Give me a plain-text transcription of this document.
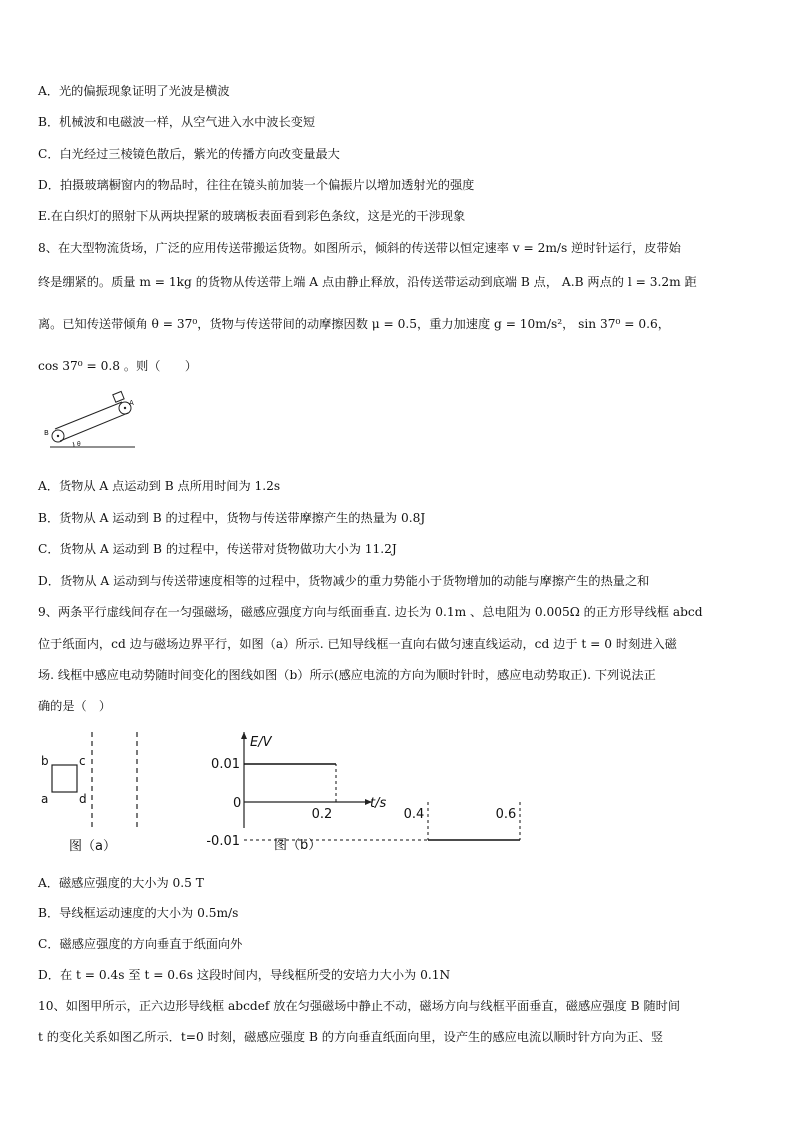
A．光的偏振现象证明了光波是横波
B．机械波和电磁波一样，从空气进入水中波长变短
C．白光经过三棱镜色散后，紫光的传播方向改变量最大
D．拍摄玻璃橱窗内的物品时，往往在镜头前加装一个偏振片以增加透射光的强度
E.在白织灯的照射下从两块捏紧的玻璃板表面看到彩色条纹，这是光的干涉现象
8、在大型物流货场，广泛的应用传送带搬运货物。如图所示，倾斜的传送带以恒定速率 v = 2m/s 逆时针运行，皮带始
终是绷紧的。质量 m = 1kg 的货物从传送带上端 A 点由静止释放，沿传送带运动到底端 B 点， A.B 两点的 l = 3.2m 距
离。已知传送带倾角 θ = 37⁰，货物与传送带间的动摩擦因数 μ = 0.5，重力加速度 g = 10m/s²， sin 37⁰ = 0.6，
cos 37⁰ = 0.8 。则（　　）
A
B
θ
A．货物从 A 点运动到 B 点所用时间为 1.2s
B．货物从 A 运动到 B 的过程中，货物与传送带摩擦产生的热量为 0.8J
C．货物从 A 运动到 B 的过程中，传送带对货物做功大小为 11.2J
D．货物从 A 运动到与传送带速度相等的过程中，货物减少的重力势能小于货物增加的动能与摩擦产生的热量之和
9、两条平行虚线间存在一匀强磁场，磁感应强度方向与纸面垂直. 边长为 0.1m 、总电阻为 0.005Ω 的正方形导线框 abcd
位于纸面内，cd 边与磁场边界平行，如图（a）所示. 已知导线框一直向右做匀速直线运动，cd 边于 t = 0 时刻进入磁
场. 线框中感应电动势随时间变化的图线如图（b）所示(感应电流的方向为顺时针时，感应电动势取正). 下列说法正
确的是（　）
b	c
a	d
图（a）
E/V
t/s
0
0.01
-0.01
0.2	0.4	0.6
图（b）
A．磁感应强度的大小为 0.5 T
B．导线框运动速度的大小为 0.5m/s
C．磁感应强度的方向垂直于纸面向外
D．在 t = 0.4s 至 t = 0.6s 这段时间内，导线框所受的安培力大小为 0.1N
10、如图甲所示，正六边形导线框 abcdef 放在匀强磁场中静止不动，磁场方向与线框平面垂直，磁感应强度 B 随时间
t 的变化关系如图乙所示．t=0 时刻，磁感应强度 B 的方向垂直纸面向里，设产生的感应电流以顺时针方向为正、竖
